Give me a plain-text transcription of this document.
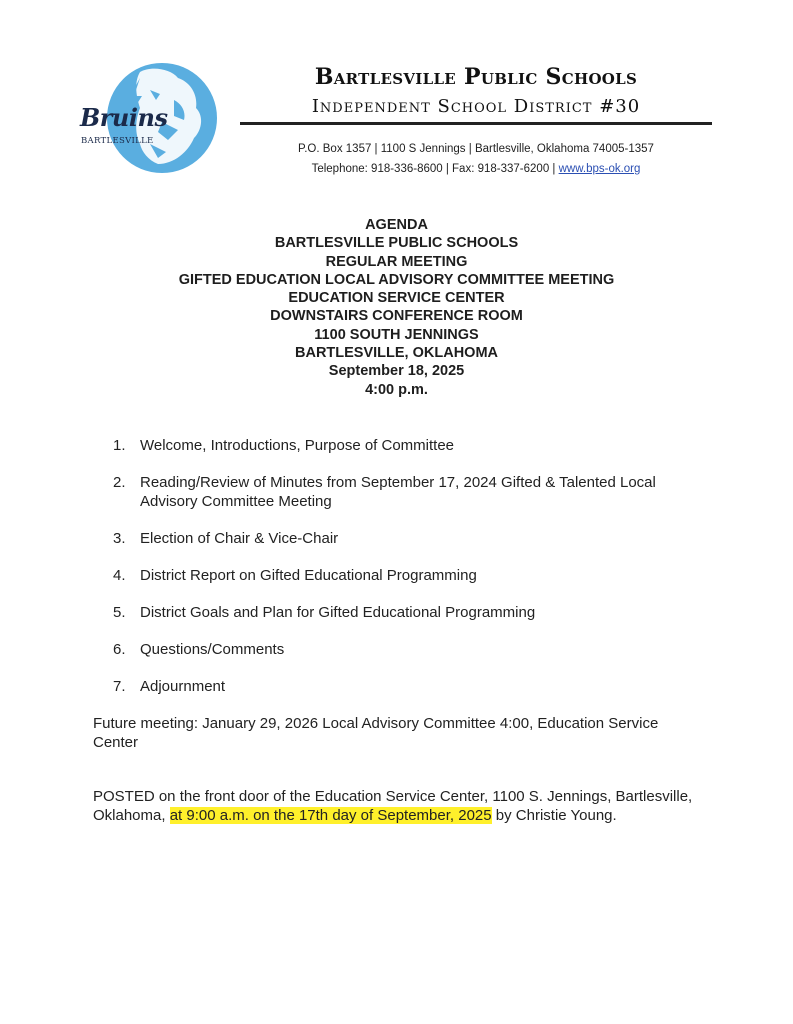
Bruins
BARTLESVILLE
Bartlesville Public Schools
Independent School District #30
P.O. Box 1357 | 1100 S Jennings | Bartlesville, Oklahoma 74005-1357
Telephone: 918-336-8600 | Fax: 918-337-6200 | www.bps-ok.org
AGENDA
BARTLESVILLE PUBLIC SCHOOLS
REGULAR MEETING
GIFTED EDUCATION LOCAL ADVISORY COMMITTEE MEETING
EDUCATION SERVICE CENTER
DOWNSTAIRS CONFERENCE ROOM
1100 SOUTH JENNINGS
BARTLESVILLE, OKLAHOMA
September 18, 2025
4:00 p.m.
1. Welcome, Introductions, Purpose of Committee
2. Reading/Review of Minutes from September 17, 2024 Gifted & Talented Local Advisory Committee Meeting
3. Election of Chair & Vice-Chair
4. District Report on Gifted Educational Programming
5. District Goals and Plan for Gifted Educational Programming
6. Questions/Comments
7. Adjournment
Future meeting: January 29, 2026 Local Advisory Committee 4:00, Education Service Center
POSTED on the front door of the Education Service Center, 1100 S. Jennings, Bartlesville, Oklahoma, at 9:00 a.m. on the 17th day of September, 2025 by Christie Young.
